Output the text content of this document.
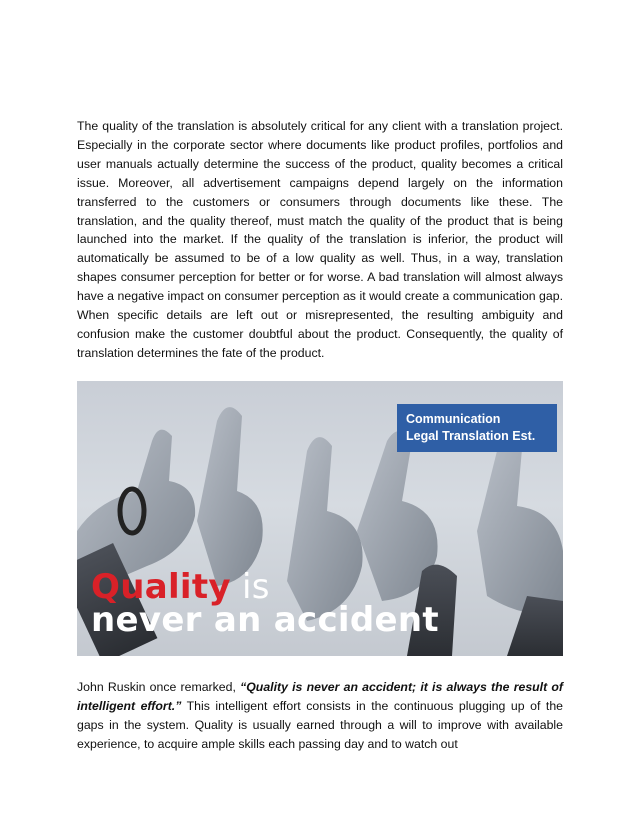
The quality of the translation is absolutely critical for any client with a translation project. Especially in the corporate sector where documents like product profiles, portfolios and user manuals actually determine the success of the product, quality becomes a critical issue. Moreover, all advertisement campaigns depend largely on the information transferred to the customers or consumers through documents like these. The translation, and the quality thereof, must match the quality of the product that is being launched into the market. If the quality of the translation is inferior, the product will automatically be assumed to be of a low quality as well. Thus, in a way, translation shapes consumer perception for better or for worse. A bad translation will almost always have a negative impact on consumer perception as it would create a communication gap. When specific details are left out or misrepresented, the resulting ambiguity and confusion make the customer doubtful about the product. Consequently, the quality of translation determines the fate of the product.

Communication
Legal Translation Est.
Quality is
never an accident

John Ruskin once remarked, “Quality is never an accident; it is always the result of intelligent effort.” This intelligent effort consists in the continuous plugging up of the gaps in the system. Quality is usually earned through a will to improve with available experience, to acquire ample skills each passing day and to watch out
